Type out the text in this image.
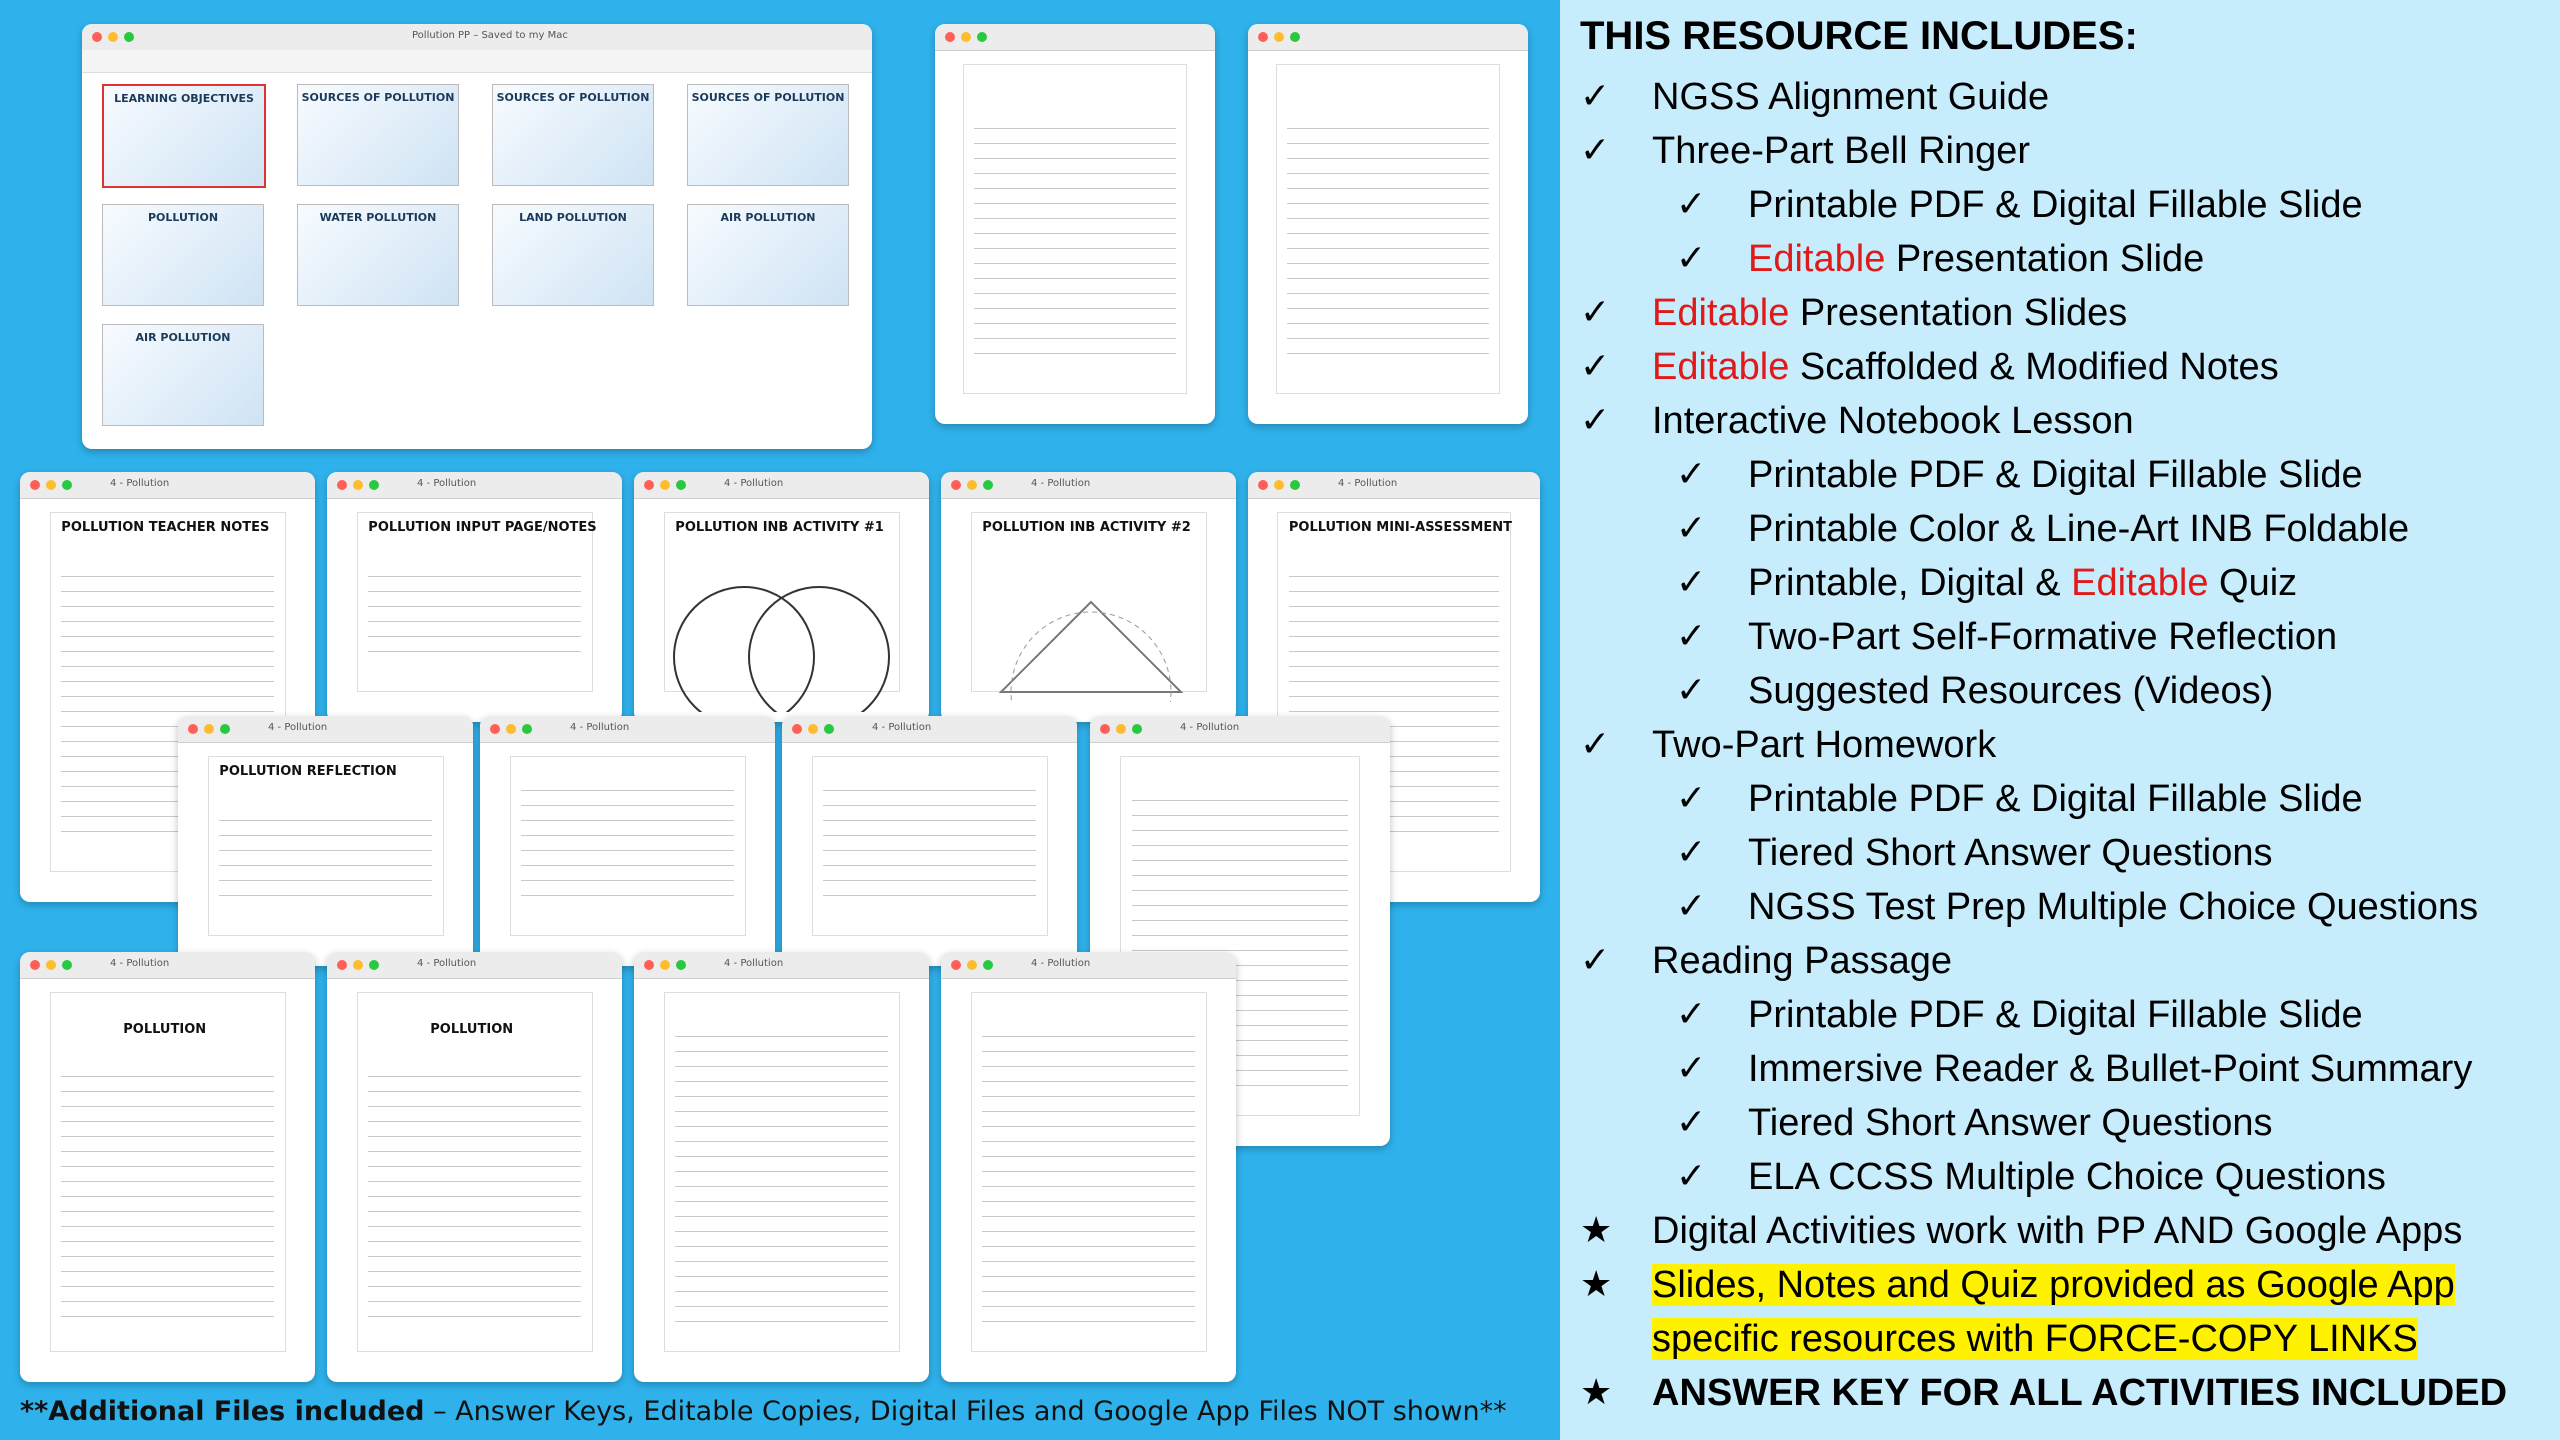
Pollution PP – Saved to my Mac
LEARNING OBJECTIVES	SOURCES OF POLLUTION	SOURCES OF POLLUTION	SOURCES OF POLLUTION
POLLUTION	WATER POLLUTION	LAND POLLUTION	AIR POLLUTION
AIR POLLUTION
4 - Pollution
POLLUTION TEACHER NOTES
4 - Pollution
POLLUTION INPUT PAGE/NOTES
4 - Pollution
POLLUTION INB ACTIVITY #1
4 - Pollution
POLLUTION INB ACTIVITY #2
4 - Pollution
POLLUTION MINI-ASSESSMENT
4 - Pollution
POLLUTION REFLECTION
4 - Pollution	4 - Pollution	4 - Pollution
4 - Pollution
POLLUTION
4 - Pollution
POLLUTION
4 - Pollution	4 - Pollution
**Additional Files included – Answer Keys, Editable Copies, Digital Files and Google App Files NOT shown**
THIS RESOURCE INCLUDES:
✓ NGSS Alignment Guide
✓ Three-Part Bell Ringer
✓ Printable PDF & Digital Fillable Slide
✓ Editable Presentation Slide
✓ Editable Presentation Slides
✓ Editable Scaffolded & Modified Notes
✓ Interactive Notebook Lesson
✓ Printable PDF & Digital Fillable Slide
✓ Printable Color & Line-Art INB Foldable
✓ Printable, Digital & Editable Quiz
✓ Two-Part Self-Formative Reflection
✓ Suggested Resources (Videos)
✓ Two-Part Homework
✓ Printable PDF & Digital Fillable Slide
✓ Tiered Short Answer Questions
✓ NGSS Test Prep Multiple Choice Questions
✓ Reading Passage
✓ Printable PDF & Digital Fillable Slide
✓ Immersive Reader & Bullet-Point Summary
✓ Tiered Short Answer Questions
✓ ELA CCSS Multiple Choice Questions
★ Digital Activities work with PP AND Google Apps
★ Slides, Notes and Quiz provided as Google App
specific resources with FORCE-COPY LINKS
★ ANSWER KEY FOR ALL ACTIVITIES INCLUDED
